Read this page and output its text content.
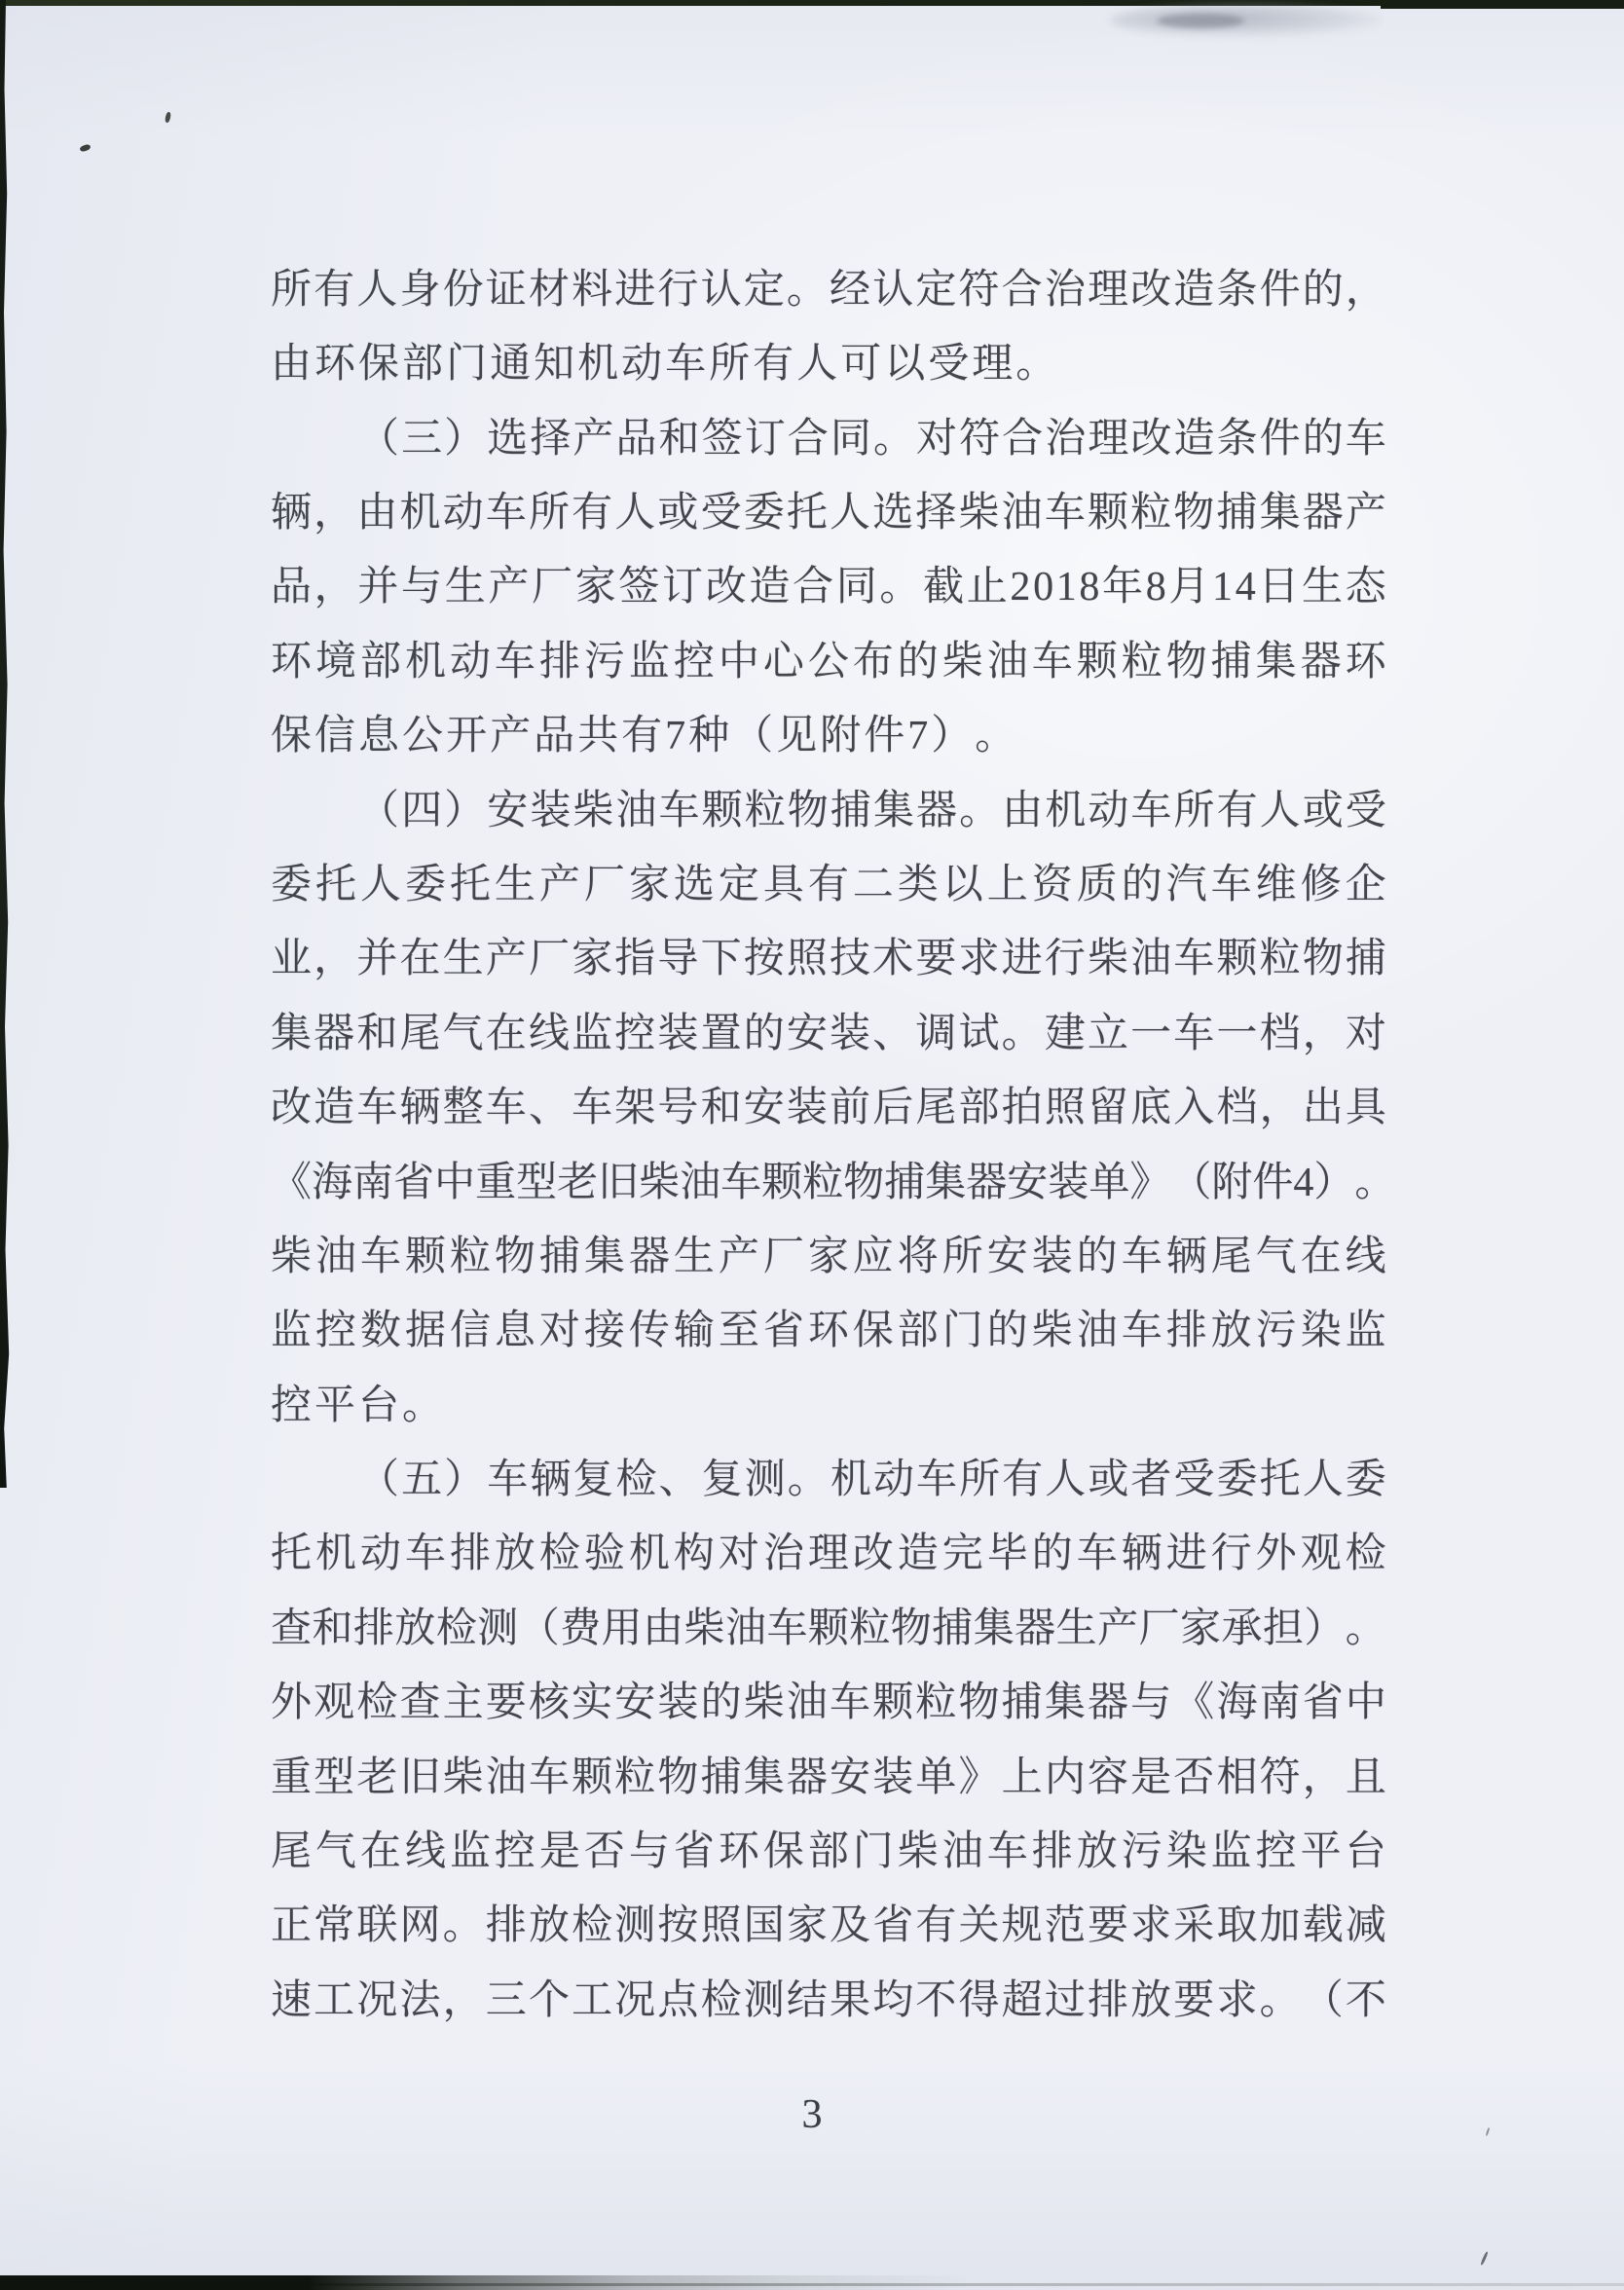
所 有 人 身 份 证 材 料 进 行 认 定 。 经 认 定 符 合 治 理 改 造 条 件 的 ，
由 环 保 部 门 通 知 机 动 车 所 有 人 可 以 受 理 。
（ 三 ） 选 择 产 品 和 签 订 合 同 。 对 符 合 治 理 改 造 条 件 的 车
辆 ， 由 机 动 车 所 有 人 或 受 委 托 人 选 择 柴 油 车 颗 粒 物 捕 集 器 产
品 ， 并 与 生 产 厂 家 签 订 改 造 合 同 。 截 止 2 0 1 8 年 8 月 1 4 日 生 态
环 境 部 机 动 车 排 污 监 控 中 心 公 布 的 柴 油 车 颗 粒 物 捕 集 器 环
保 信 息 公 开 产 品 共 有 7 种 （ 见 附 件 7 ） 。
（ 四 ） 安 装 柴 油 车 颗 粒 物 捕 集 器 。 由 机 动 车 所 有 人 或 受
委 托 人 委 托 生 产 厂 家 选 定 具 有 二 类 以 上 资 质 的 汽 车 维 修 企
业 ， 并 在 生 产 厂 家 指 导 下 按 照 技 术 要 求 进 行 柴 油 车 颗 粒 物 捕
集 器 和 尾 气 在 线 监 控 装 置 的 安 装 、 调 试 。 建 立 一 车 一 档 ， 对
改 造 车 辆 整 车 、 车 架 号 和 安 装 前 后 尾 部 拍 照 留 底 入 档 ， 出 具
《 海 南 省 中 重 型 老 旧 柴 油 车 颗 粒 物 捕 集 器 安 装 单 》 （ 附 件 4 ） 。
柴 油 车 颗 粒 物 捕 集 器 生 产 厂 家 应 将 所 安 装 的 车 辆 尾 气 在 线
监 控 数 据 信 息 对 接 传 输 至 省 环 保 部 门 的 柴 油 车 排 放 污 染 监
控 平 台 。
（ 五 ） 车 辆 复 检 、 复 测 。 机 动 车 所 有 人 或 者 受 委 托 人 委
托 机 动 车 排 放 检 验 机 构 对 治 理 改 造 完 毕 的 车 辆 进 行 外 观 检
查 和 排 放 检 测 （ 费 用 由 柴 油 车 颗 粒 物 捕 集 器 生 产 厂 家 承 担 ） 。
外 观 检 查 主 要 核 实 安 装 的 柴 油 车 颗 粒 物 捕 集 器 与 《 海 南 省 中
重 型 老 旧 柴 油 车 颗 粒 物 捕 集 器 安 装 单 》 上 内 容 是 否 相 符 ， 且
尾 气 在 线 监 控 是 否 与 省 环 保 部 门 柴 油 车 排 放 污 染 监 控 平 台
正 常 联 网 。 排 放 检 测 按 照 国 家 及 省 有 关 规 范 要 求 采 取 加 载 减
速 工 况 法 ， 三 个 工 况 点 检 测 结 果 均 不 得 超 过 排 放 要 求 。 （ 不
3
